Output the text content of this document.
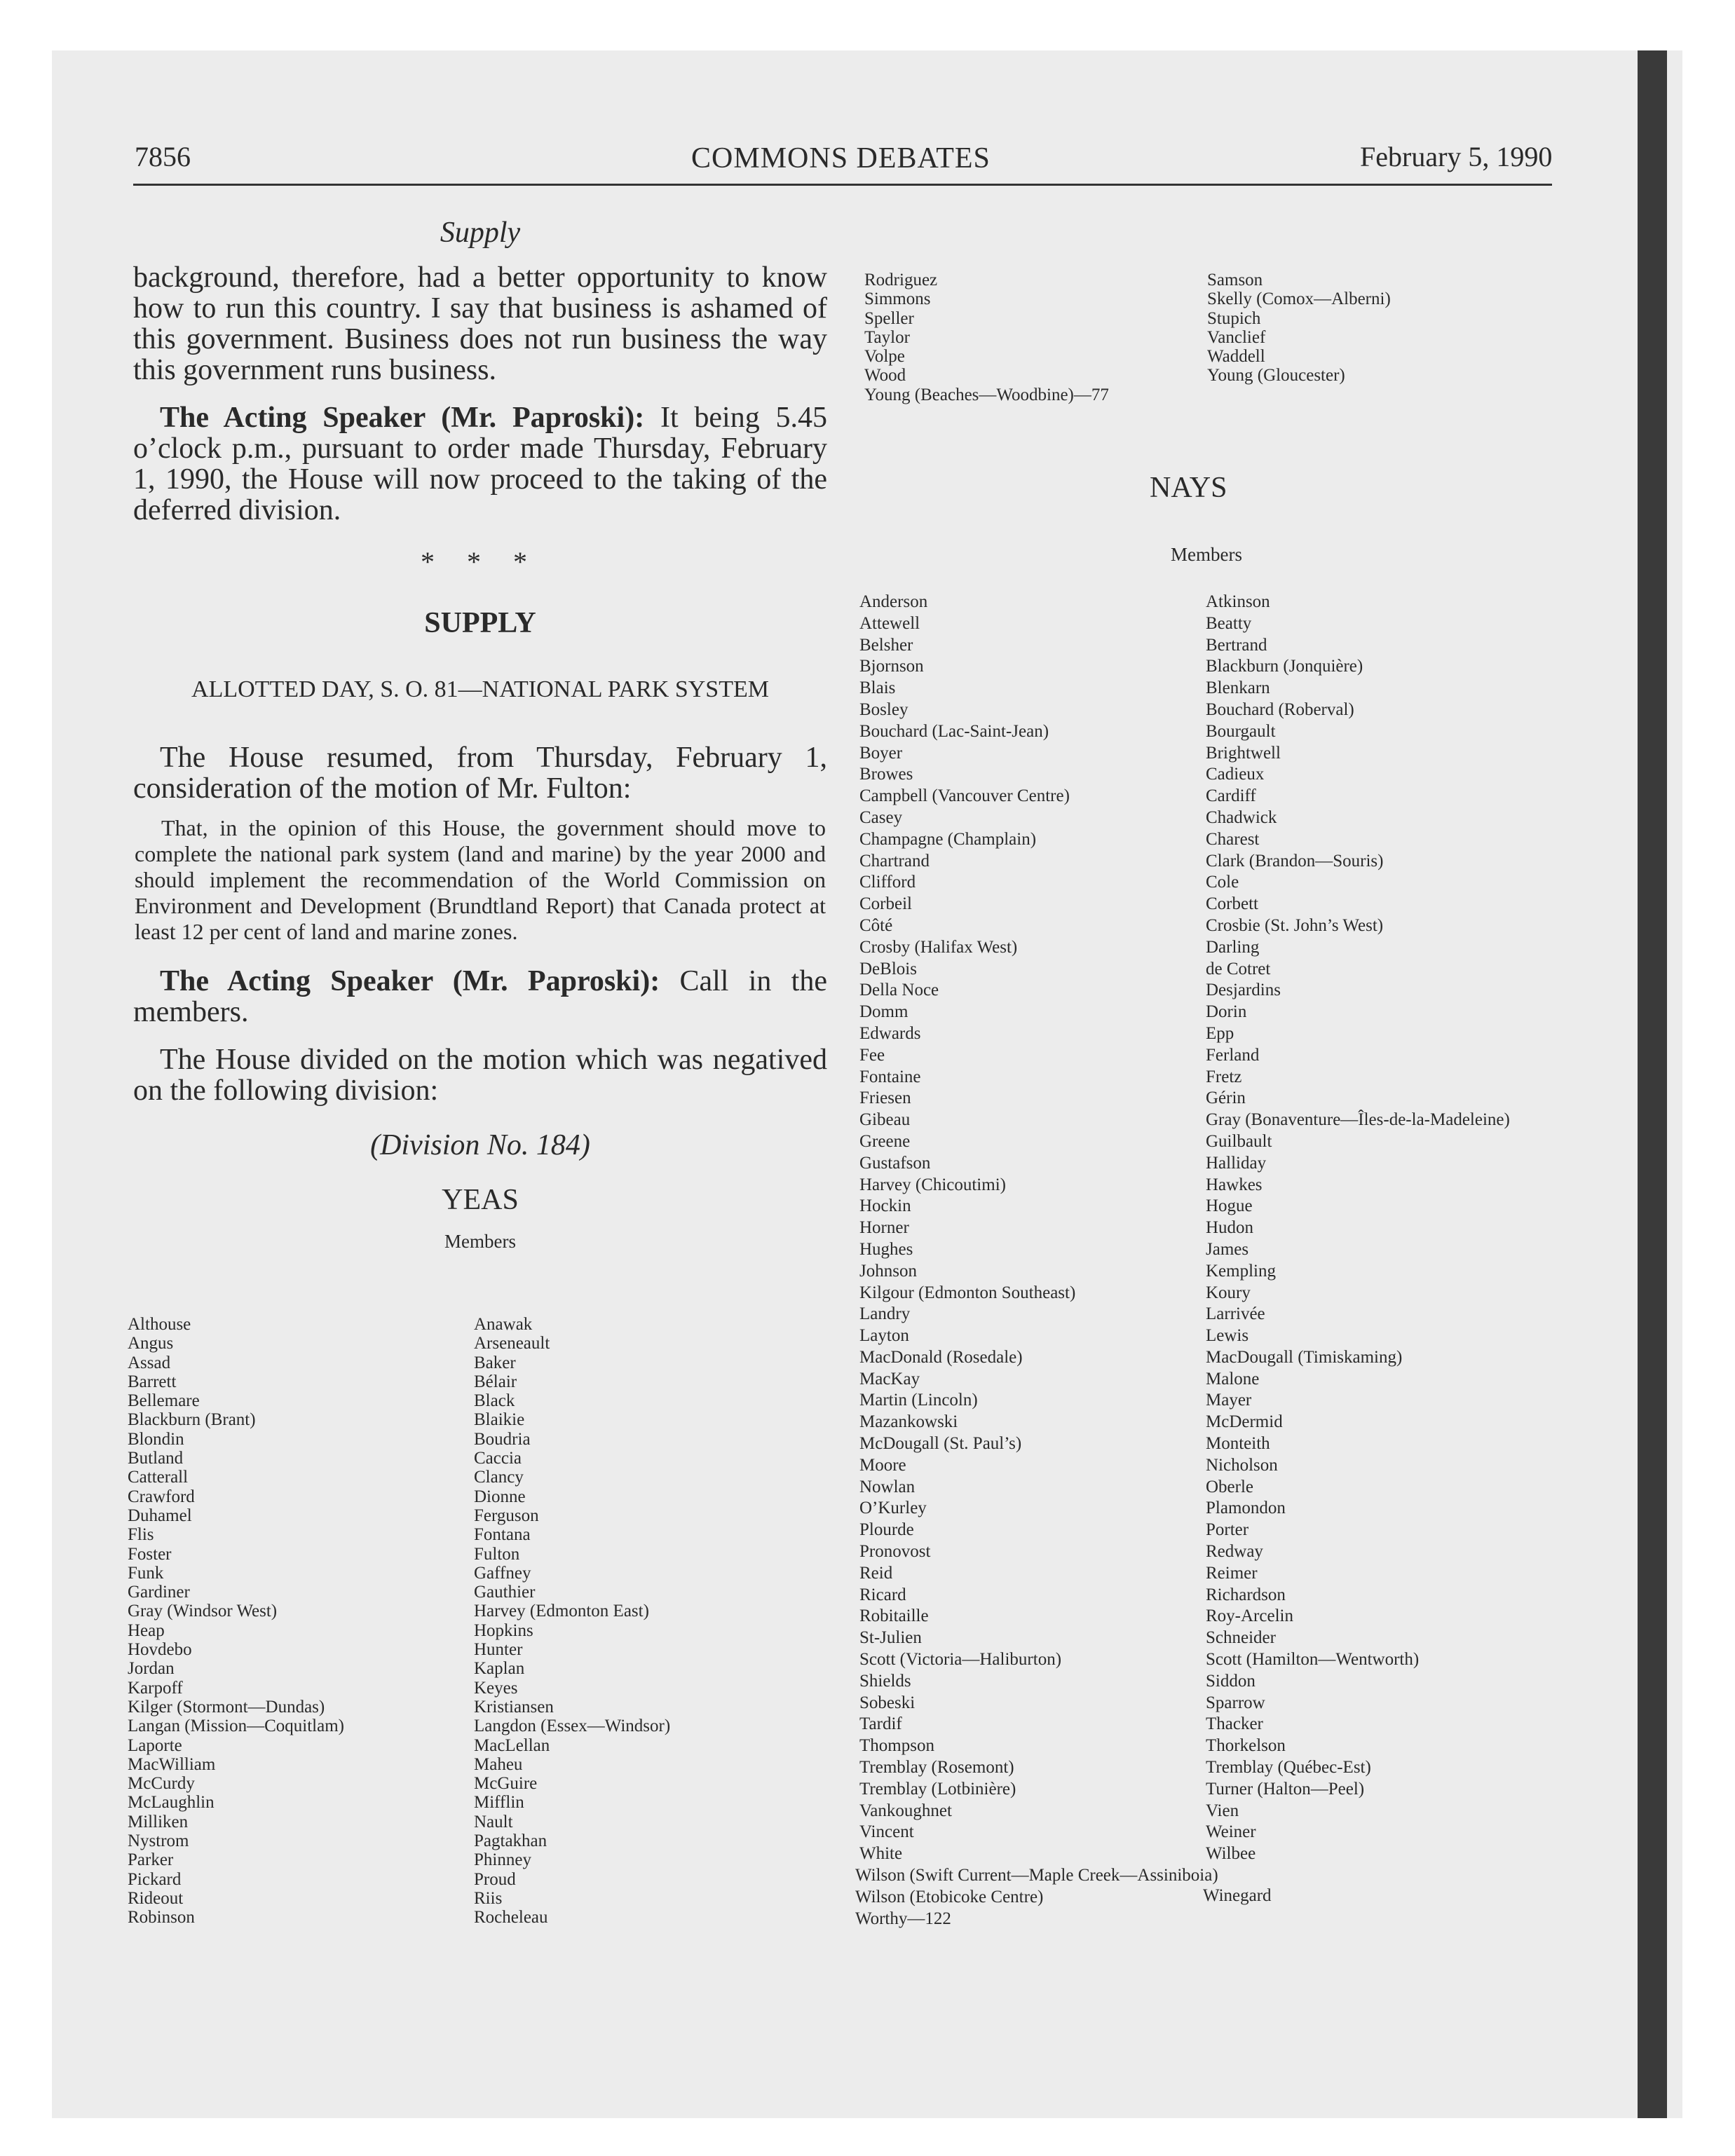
7856	COMMONS DEBATES	February 5, 1990
Supply

background, therefore, had a better opportunity to know how to run this country. I say that business is ashamed of this government. Business does not run business the way this government runs business.

The Acting Speaker (Mr. Paproski): It being 5.45 o’clock p.m., pursuant to order made Thursday, February 1, 1990, the House will now proceed to the taking of the deferred division.

* * *
SUPPLY
ALLOTTED DAY, S. O. 81—NATIONAL PARK SYSTEM

The House resumed, from Thursday, February 1, consideration of the motion of Mr. Fulton:

That, in the opinion of this House, the government should move to complete the national park system (land and marine) by the year 2000 and should implement the recommendation of the World Commission on Environment and Development (Brundtland Report) that Canada protect at least 12 per cent of land and marine zones.

The Acting Speaker (Mr. Paproski): Call in the members.

The House divided on the motion which was negatived on the following division:

(Division No. 184)
YEAS
Members
Althouse
Angus
Assad
Barrett
Bellemare
Blackburn (Brant)
Blondin
Butland
Catterall
Crawford
Duhamel
Flis
Foster
Funk
Gardiner
Gray (Windsor West)
Heap
Hovdebo
Jordan
Karpoff
Kilger (Stormont—Dundas)
Langan (Mission—Coquitlam)
Laporte
MacWilliam
McCurdy
McLaughlin
Milliken
Nystrom
Parker
Pickard
Rideout
Robinson
Anawak
Arseneault
Baker
Bélair
Black
Blaikie
Boudria
Caccia
Clancy
Dionne
Ferguson
Fontana
Fulton
Gaffney
Gauthier
Harvey (Edmonton East)
Hopkins
Hunter
Kaplan
Keyes
Kristiansen
Langdon (Essex—Windsor)
MacLellan
Maheu
McGuire
Mifflin
Nault
Pagtakhan
Phinney
Proud
Riis
Rocheleau
Rodriguez
Simmons
Speller
Taylor
Volpe
Wood
Young (Beaches—Woodbine)—77
Samson
Skelly (Comox—Alberni)
Stupich
Vanclief
Waddell
Young (Gloucester)
NAYS
Members
Anderson
Attewell
Belsher
Bjornson
Blais
Bosley
Bouchard (Lac-Saint-Jean)
Boyer
Browes
Campbell (Vancouver Centre)
Casey
Champagne (Champlain)
Chartrand
Clifford
Corbeil
Côté
Crosby (Halifax West)
DeBlois
Della Noce
Domm
Edwards
Fee
Fontaine
Friesen
Gibeau
Greene
Gustafson
Harvey (Chicoutimi)
Hockin
Horner
Hughes
Johnson
Kilgour (Edmonton Southeast)
Landry
Layton
MacDonald (Rosedale)
MacKay
Martin (Lincoln)
Mazankowski
McDougall (St. Paul’s)
Moore
Nowlan
O’Kurley
Plourde
Pronovost
Reid
Ricard
Robitaille
St-Julien
Scott (Victoria—Haliburton)
Shields
Sobeski
Tardif
Thompson
Tremblay (Rosemont)
Tremblay (Lotbinière)
Vankoughnet
Vincent
White
Atkinson
Beatty
Bertrand
Blackburn (Jonquière)
Blenkarn
Bouchard (Roberval)
Bourgault
Brightwell
Cadieux
Cardiff
Chadwick
Charest
Clark (Brandon—Souris)
Cole
Corbett
Crosbie (St. John’s West)
Darling
de Cotret
Desjardins
Dorin
Epp
Ferland
Fretz
Gérin
Gray (Bonaventure—Îles-de-la-Madeleine)
Guilbault
Halliday
Hawkes
Hogue
Hudon
James
Kempling
Koury
Larrivée
Lewis
MacDougall (Timiskaming)
Malone
Mayer
McDermid
Monteith
Nicholson
Oberle
Plamondon
Porter
Redway
Reimer
Richardson
Roy-Arcelin
Schneider
Scott (Hamilton—Wentworth)
Siddon
Sparrow
Thacker
Thorkelson
Tremblay (Québec-Est)
Turner (Halton—Peel)
Vien
Weiner
Wilbee
Wilson (Swift Current—Maple Creek—Assiniboia)
Wilson (Etobicoke Centre)
Worthy—122
Winegard
